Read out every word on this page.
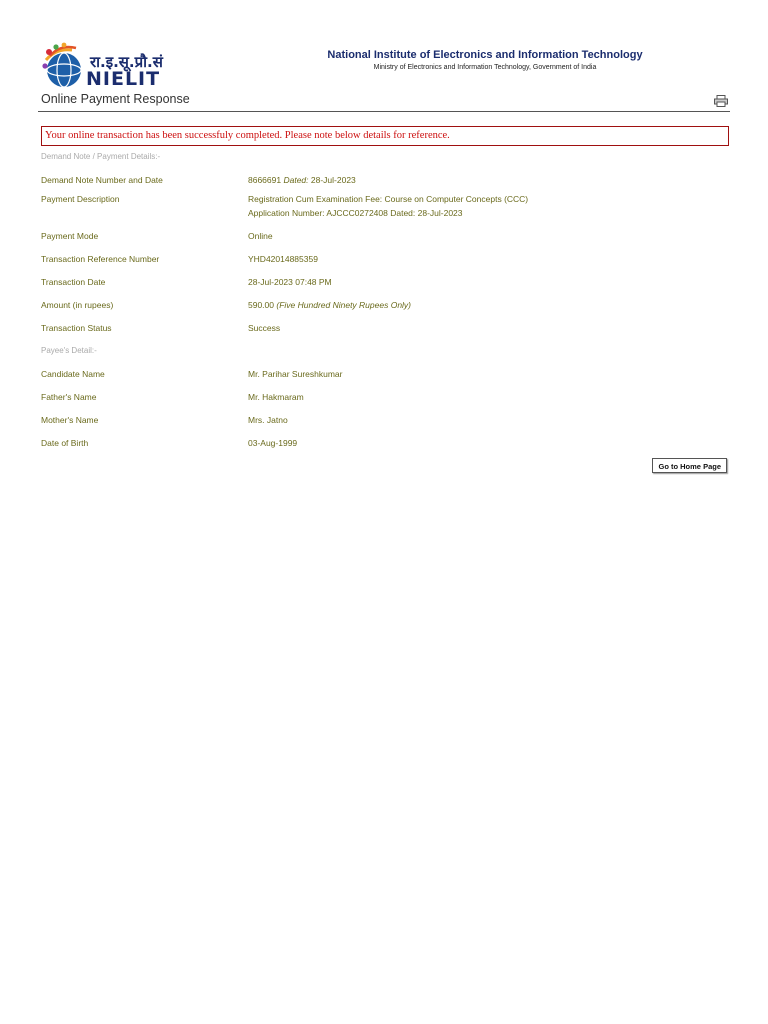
रा.इ.सू.प्रौ.सं
NIELIT
National Institute of Electronics and Information Technology
Ministry of Electronics and Information Technology, Government of India
Online Payment Response
Your online transaction has been successfuly completed. Please note below details for reference.
Demand Note / Payment Details:-
Demand Note Number and Date	8666691 Dated: 28-Jul-2023
Payment Description	Registration Cum Examination Fee: Course on Computer Concepts (CCC)
Application Number: AJCCC0272408 Dated: 28-Jul-2023
Payment Mode	Online
Transaction Reference Number	YHD42014885359
Transaction Date	28-Jul-2023 07:48 PM
Amount (in rupees)	590.00 (Five Hundred Ninety Rupees Only)
Transaction Status	Success
Payee's Detail:-
Candidate Name	Mr. Parihar Sureshkumar
Father's Name	Mr. Hakmaram
Mother's Name	Mrs. Jatno
Date of Birth	03-Aug-1999
Go to Home Page
